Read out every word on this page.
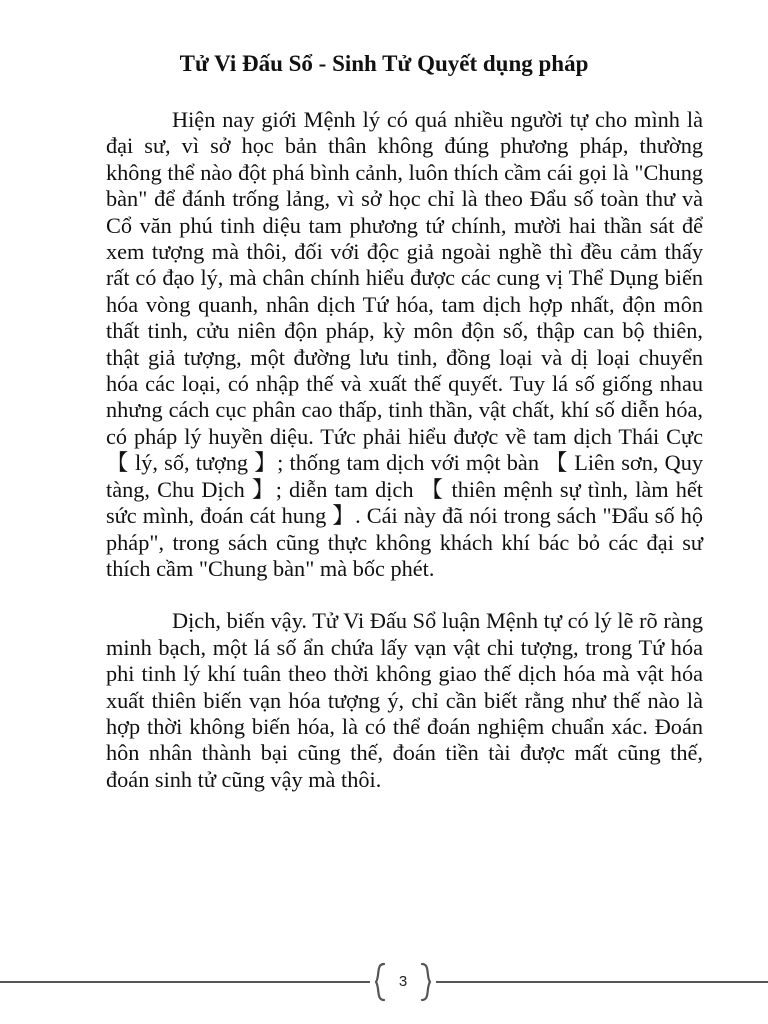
Tử Vi Đấu Sổ - Sinh Tử Quyết dụng pháp

Hiện nay giới Mệnh lý có quá nhiều người tự cho mình là đại sư, vì sở học bản thân không đúng phương pháp, thường không thể nào đột phá bình cảnh, luôn thích cầm cái gọi là "Chung bàn" để đánh trống lảng, vì sở học chỉ là theo Đẩu số toàn thư và Cổ văn phú tinh diệu tam phương tứ chính, mười hai thần sát để xem tượng mà thôi, đối với độc giả ngoài nghề thì đều cảm thấy rất có đạo lý, mà chân chính hiểu được các cung vị Thể Dụng biến hóa vòng quanh, nhân dịch Tứ hóa, tam dịch hợp nhất, độn môn thất tinh, cửu niên độn pháp, kỳ môn độn số, thập can bộ thiên, thật giả tượng, một đường lưu tinh, đồng loại và dị loại chuyển hóa các loại, có nhập thế và xuất thế quyết. Tuy lá số giống nhau nhưng cách cục phân cao thấp, tinh thần, vật chất, khí số diễn hóa, có pháp lý huyền diệu. Tức phải hiểu được về tam dịch Thái Cực 【 lý, số, tượng 】; thống tam dịch với một bàn 【 Liên sơn, Quy tàng, Chu Dịch 】; diễn tam dịch 【 thiên mệnh sự tình, làm hết sức mình, đoán cát hung 】. Cái này đã nói trong sách "Đẩu số hộ pháp", trong sách cũng thực không khách khí bác bỏ các đại sư thích cầm "Chung bàn" mà bốc phét.

Dịch, biến vậy. Tử Vi Đấu Sổ luận Mệnh tự có lý lẽ rõ ràng minh bạch, một lá số ẩn chứa lấy vạn vật chi tượng, trong Tứ hóa phi tinh lý khí tuân theo thời không giao thế dịch hóa mà vật hóa xuất thiên biến vạn hóa tượng ý, chỉ cần biết rằng như thế nào là hợp thời không biến hóa, là có thể đoán nghiệm chuẩn xác. Đoán hôn nhân thành bại cũng thế, đoán tiền tài được mất cũng thế, đoán sinh tử cũng vậy mà thôi.

3
